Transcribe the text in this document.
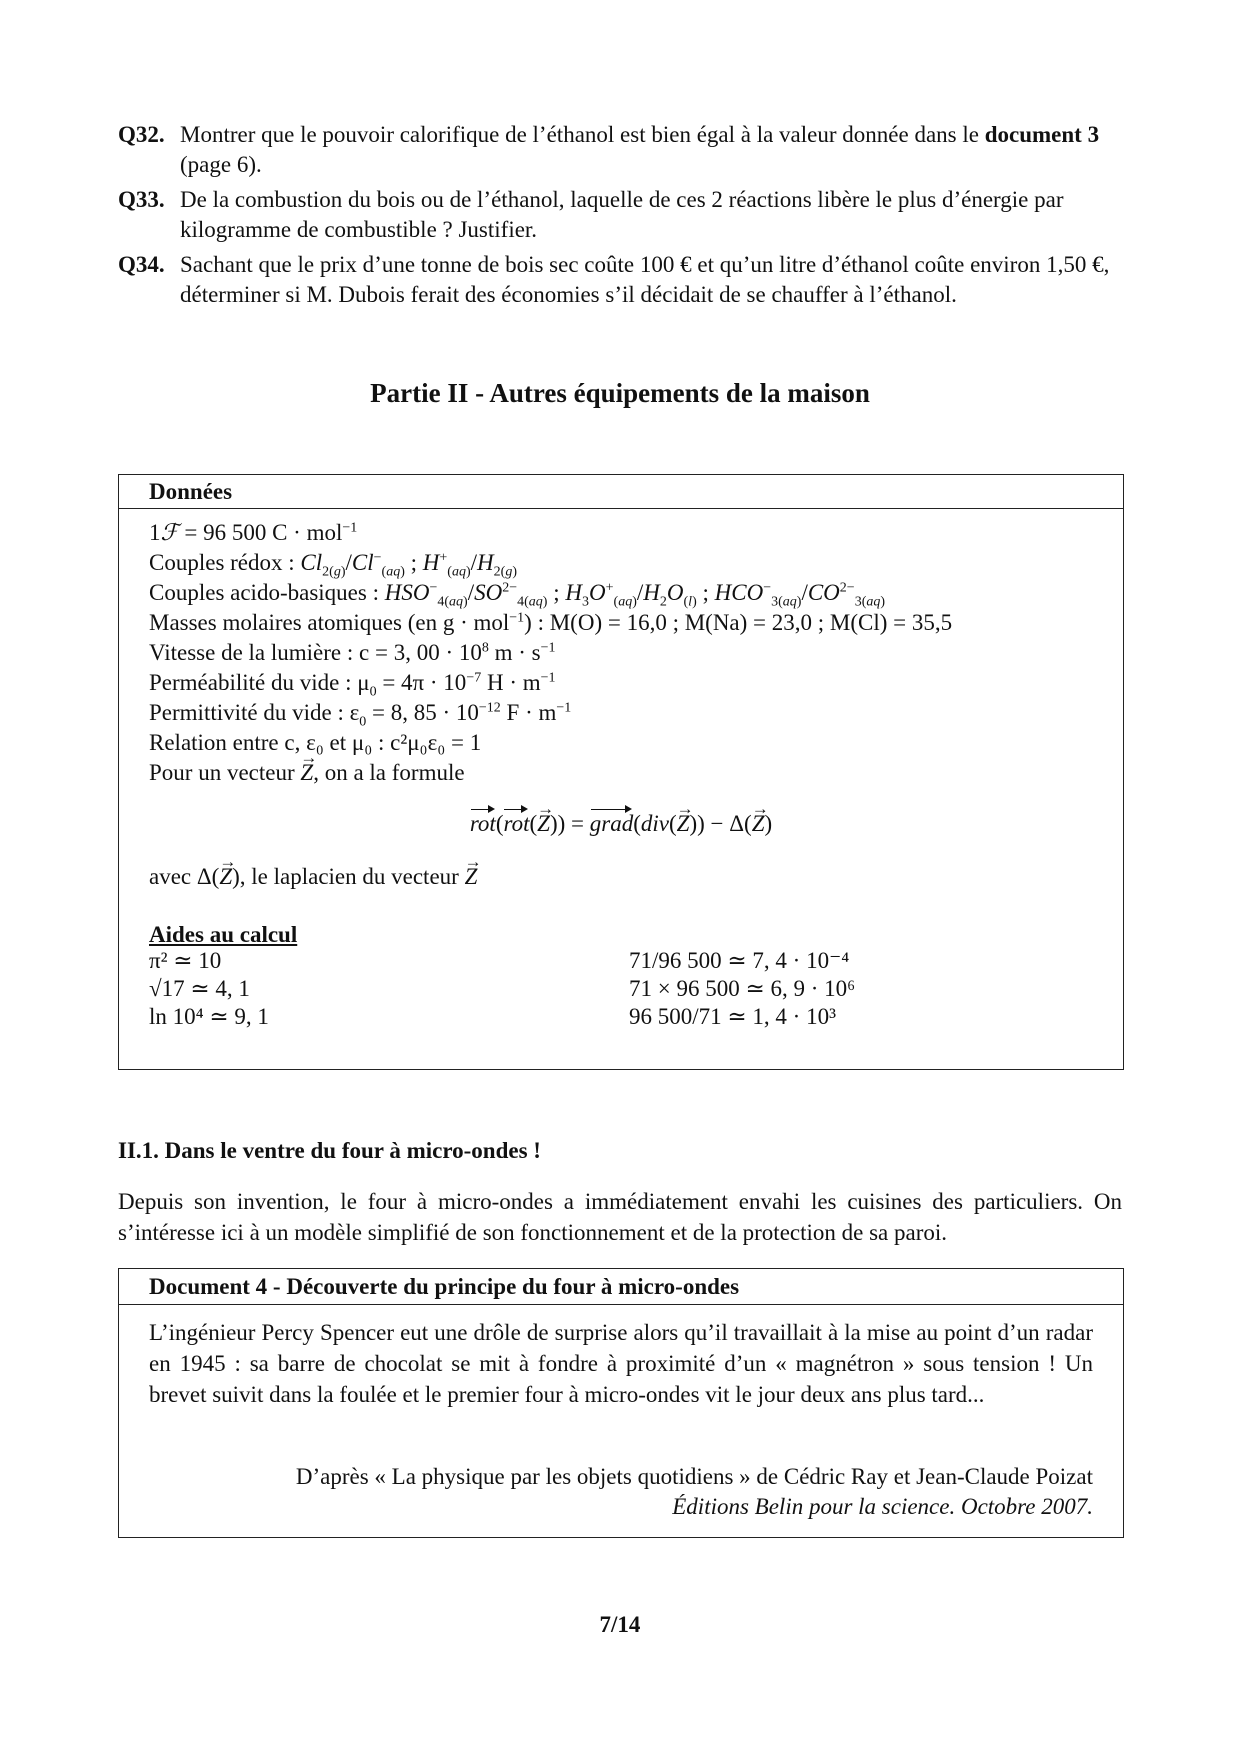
Q32. Montrer que le pouvoir calorifique de l’éthanol est bien égal à la valeur donnée dans le document 3 (page 6).
Q33. De la combustion du bois ou de l’éthanol, laquelle de ces 2 réactions libère le plus d’énergie par kilogramme de combustible ? Justifier.
Q34. Sachant que le prix d’une tonne de bois sec coûte 100 € et qu’un litre d’éthanol coûte environ 1,50 €, déterminer si M. Dubois ferait des économies s’il décidait de se chauffer à l’éthanol.
Partie II - Autres équipements de la maison
Données
1ℱ = 96 500 C · mol$^{-1}$
Couples rédox : $Cl_{2(g)}/Cl^-_{(aq)}$ ; $H^+_{(aq)}/H_{2(g)}$
Couples acido-basiques : $HSO^-_{4(aq)}/SO^{2-}_{4(aq)}$ ; $H_3O^+_{(aq)}/H_2O_{(l)}$ ; $HCO^-_{3(aq)}/CO^{2-}_{3(aq)}$
Masses molaires atomiques (en g · mol$^{-1}$) : M(O) = 16,0 ; M(Na) = 23,0 ; M(Cl) = 35,5
Vitesse de la lumière : c = 3, $00 \cdot 10^8$ $m \cdot s^{-1}$
Perméabilité du vide : $\mu_0 = 4\pi \cdot 10^{-7}$ $H \cdot m^{-1}$
Permittivité du vide : $\varepsilon_0 = 8$, $85 \cdot 10^{-12}$ $F \cdot m^{-1}$
Relation entre c, ε₀ et μ₀ : c²μ₀ε₀ = 1
Pour un vecteur → Z, on a la formule
rot(rot(→ Z)) = grad(div(→ Z)) − Δ(→ Z)
avec Δ(→ Z), le laplacien du vecteur → Z
Aides au calcul
π² ≃ 10
√17 ≃ 4, 1
ln 10⁴ ≃ 9, 1
71/96 500 ≃ 7, 4 · 10⁻⁴
71 × 96 500 ≃ 6, 9 · 10⁶
96 500/71 ≃ 1, 4 · 10³
II.1. Dans le ventre du four à micro-ondes !
Depuis son invention, le four à micro-ondes a immédiatement envahi les cuisines des particuliers. On s’intéresse ici à un modèle simplifié de son fonctionnement et de la protection de sa paroi.
Document 4 - Découverte du principe du four à micro-ondes
L’ingénieur Percy Spencer eut une drôle de surprise alors qu’il travaillait à la mise au point d’un radar en 1945 : sa barre de chocolat se mit à fondre à proximité d’un « magnétron » sous tension ! Un brevet suivit dans la foulée et le premier four à micro-ondes vit le jour deux ans plus tard...
D’après « La physique par les objets quotidiens » de Cédric Ray et Jean-Claude Poizat
Éditions Belin pour la science. Octobre 2007.
7/14
